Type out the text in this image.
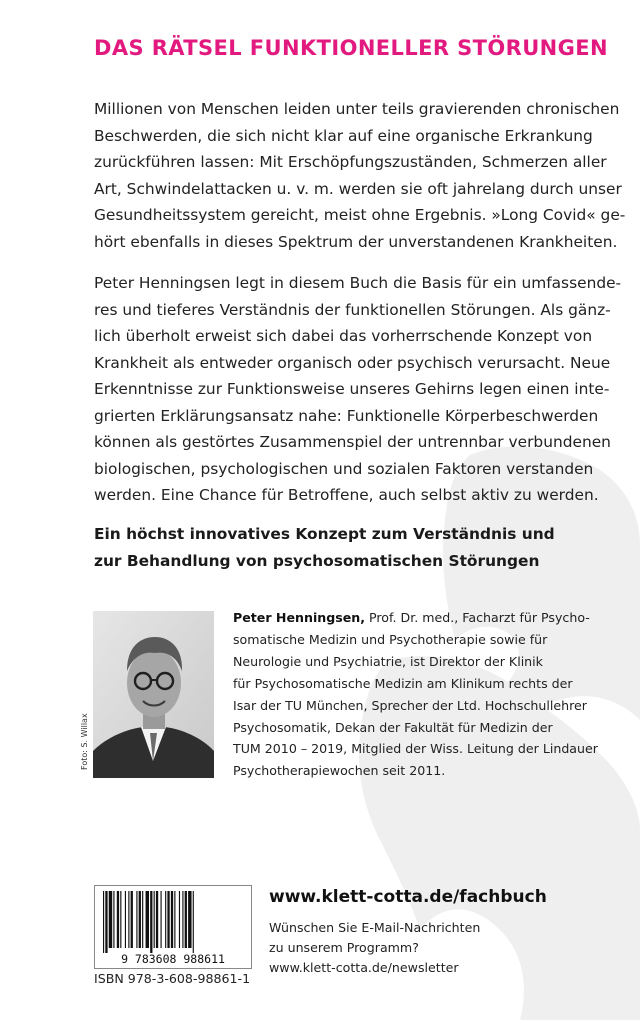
DAS RÄTSEL FUNKTIONELLER STÖRUNGEN
Millionen von Menschen leiden unter teils gravierenden chronischen
Beschwerden, die sich nicht klar auf eine organische Erkrankung
zurückführen lassen: Mit Erschöpfungszuständen, Schmerzen aller
Art, Schwindelattacken u. v. m. werden sie oft jahrelang durch unser
Gesundheitssystem gereicht, meist ohne Ergebnis. »Long Covid« ge-
hört ebenfalls in dieses Spektrum der unverstandenen Krankheiten.
Peter Henningsen legt in diesem Buch die Basis für ein umfassende-
res und tieferes Verständnis der funktionellen Störungen. Als gänz-
lich überholt erweist sich dabei das vorherrschende Konzept von
Krankheit als entweder organisch oder psychisch verursacht. Neue
Erkenntnisse zur Funktionsweise unseres Gehirns legen einen inte-
grierten Erklärungsansatz nahe: Funktionelle Körperbeschwerden
können als gestörtes Zusammenspiel der untrennbar verbundenen
biologischen, psychologischen und sozialen Faktoren verstanden
werden. Eine Chance für Betroffene, auch selbst aktiv zu werden.
Ein höchst innovatives Konzept zum Verständnis und
zur Behandlung von psychosomatischen Störungen
Foto: S. Willax
Peter Henningsen, Prof. Dr. med., Facharzt für Psycho-
somatische Medizin und Psychotherapie sowie für
Neurologie und Psychiatrie, ist Direktor der Klinik
für Psychosomatische Medizin am Klinikum rechts der
Isar der TU München, Sprecher der Ltd. Hochschullehrer
Psychosomatik, Dekan der Fakultät für Medizin der
TUM 2010 – 2019, Mitglied der Wiss. Leitung der Lindauer
Psychotherapiewochen seit 2011.
9 783608 988611
ISBN 978-3-608-98861-1
www.klett-cotta.de/fachbuch
Wünschen Sie E-Mail-Nachrichten
zu unserem Programm?
www.klett-cotta.de/newsletter
